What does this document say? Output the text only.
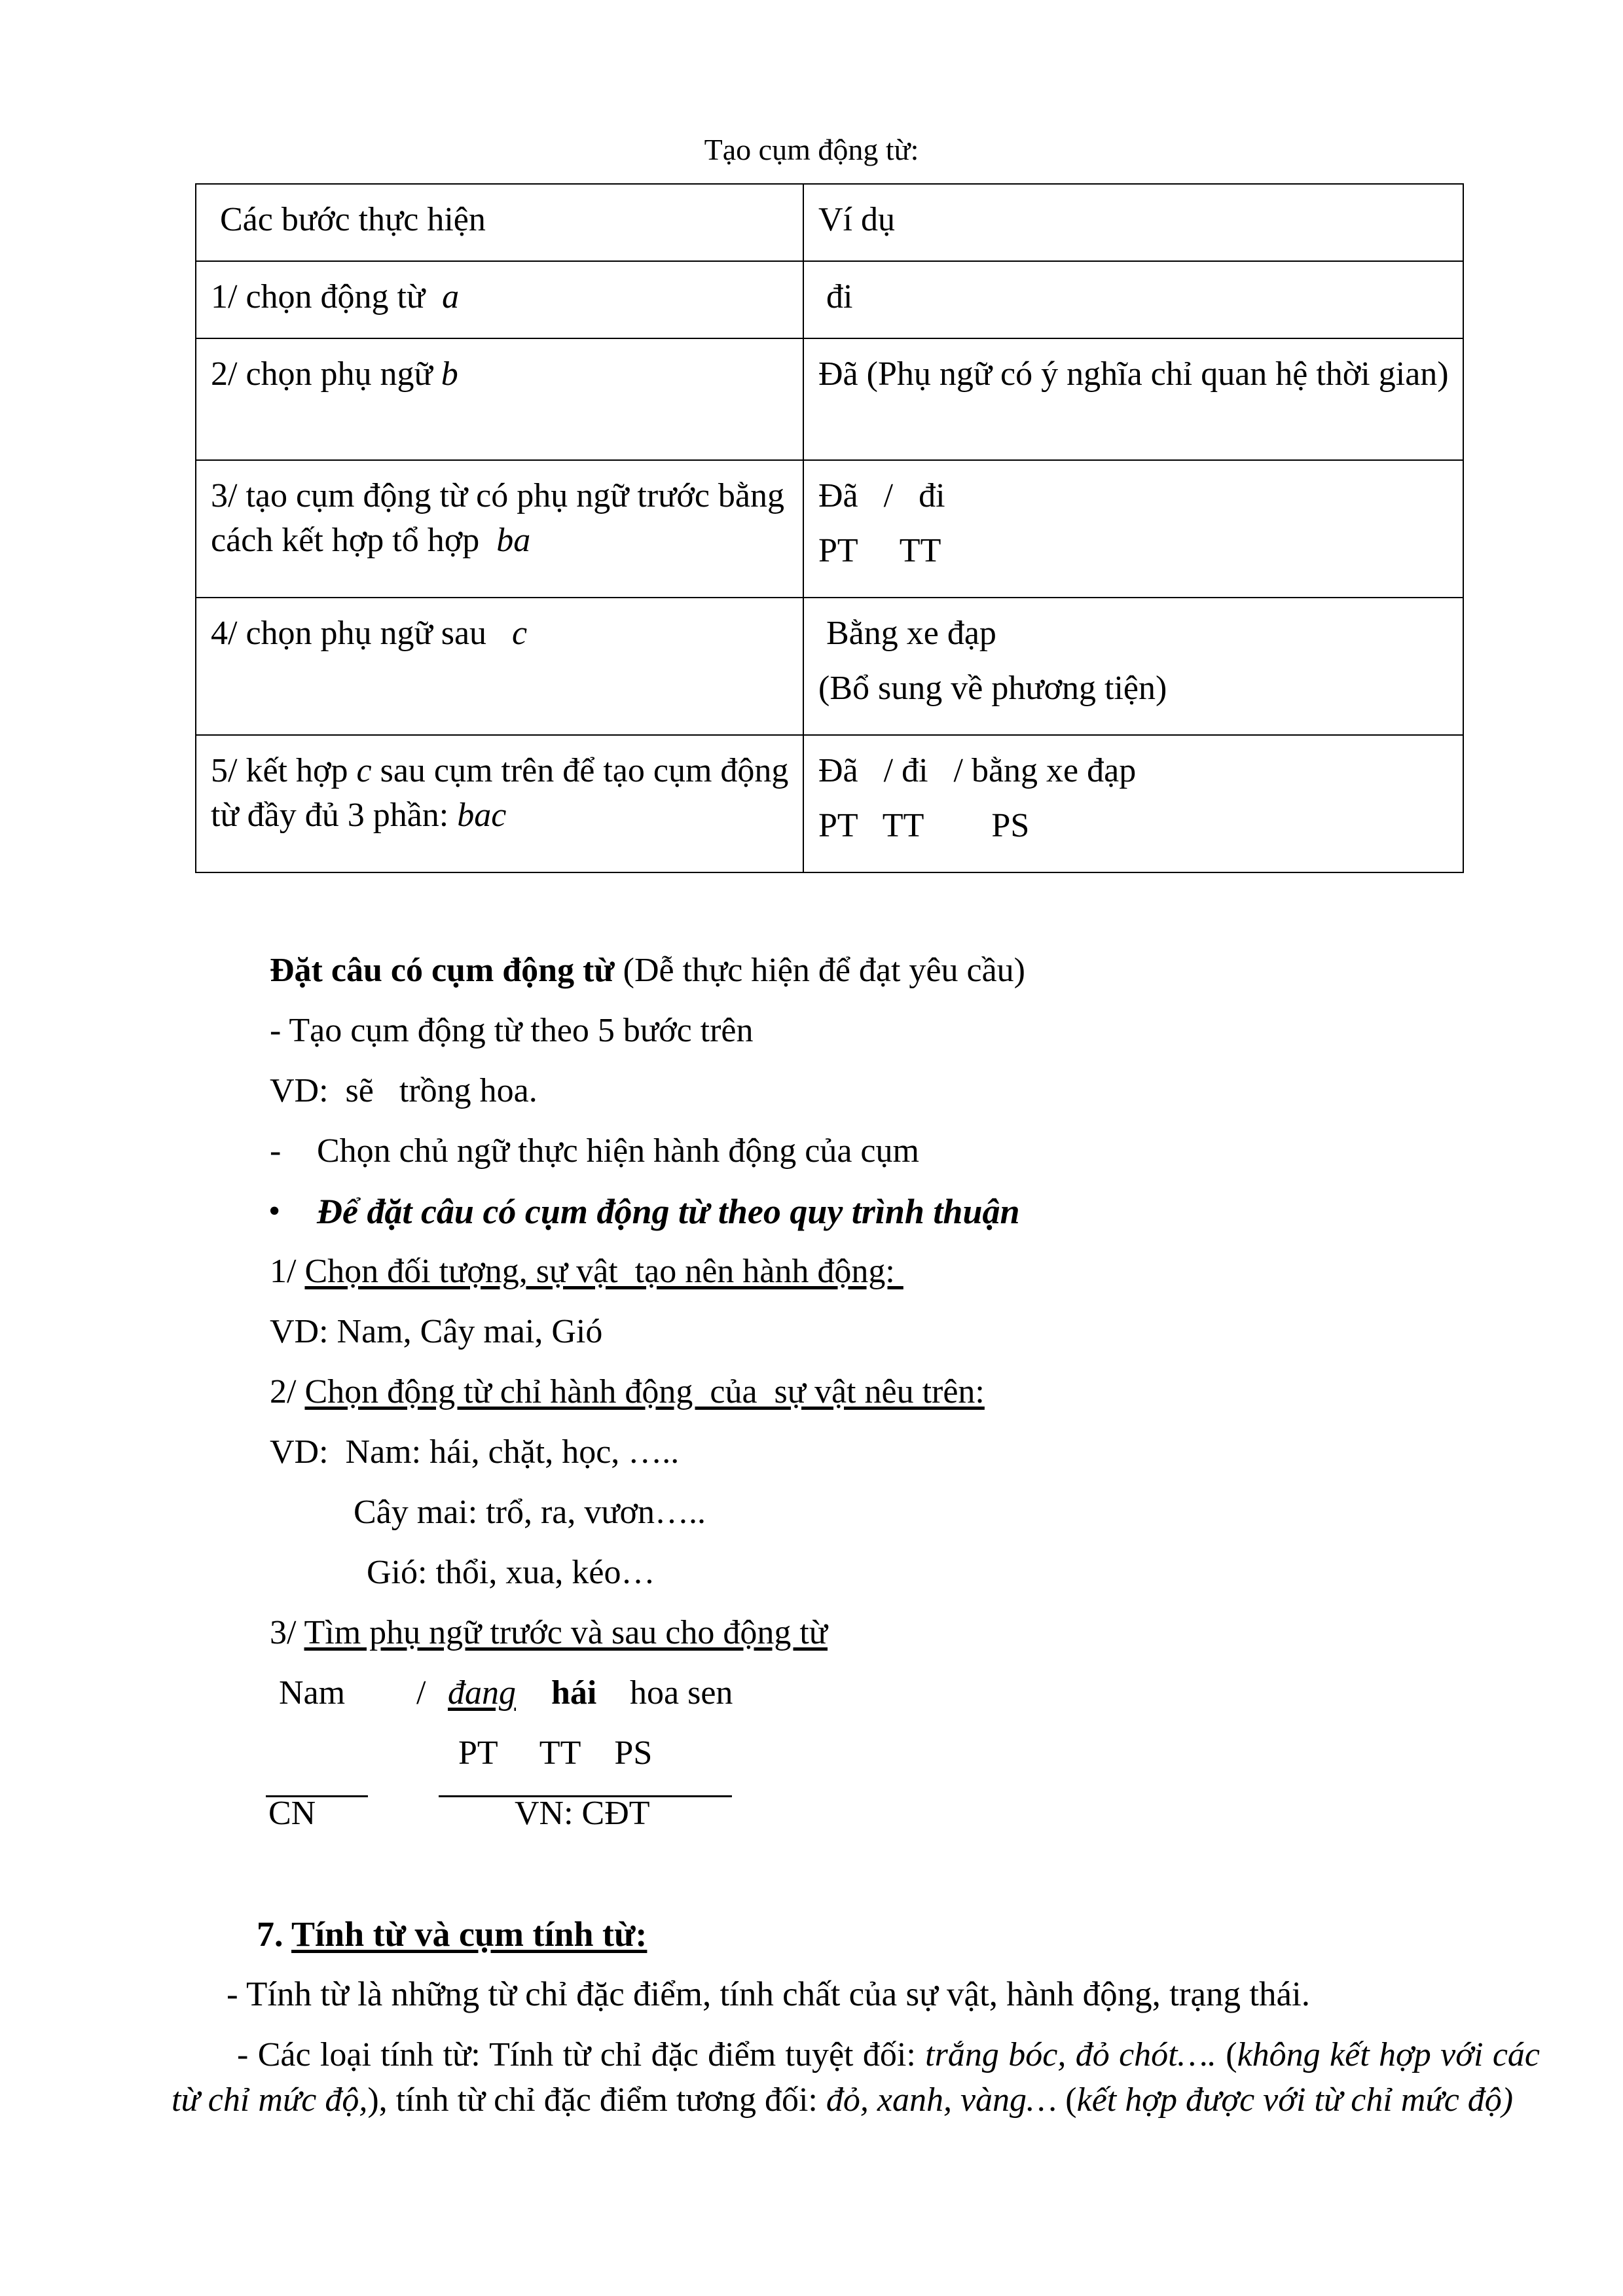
Tạo cụm động từ:
Các bước thực hiện	Ví dụ
1/ chọn động từ a	đi
2/ chọn phụ ngữ b	Đã (Phụ ngữ có ý nghĩa chỉ quan hệ thời gian)
3/ tạo cụm động từ có phụ ngữ trước bằng cách kết hợp tổ hợp ba	Đã   /   đi
PT     TT

4/ chọn phụ ngữ sau c	Bằng xe đạp
(Bổ sung về phương tiện)

5/ kết hợp c sau cụm trên để tạo cụm động từ đầy đủ 3 phần: bac	Đã   / đi   / bằng xe đạp
PT   TT        PS
Đặt câu có cụm động từ (Dễ thực hiện để đạt yêu cầu)
- Tạo cụm động từ theo 5 bước trên
VD:  sẽ   trồng hoa.
- Chọn chủ ngữ thực hiện hành động của cụm
• Để đặt câu có cụm động từ theo quy trình thuận
1/ Chọn đối tượng, sự vật  tạo nên hành động:
VD: Nam, Cây mai, Gió
2/ Chọn động từ chỉ hành động  của  sự vật nêu trên:
VD:  Nam: hái, chặt, học, …..
Cây mai: trổ, ra, vươn…..
Gió: thổi, xua, kéo…
3/ Tìm phụ ngữ trước và sau cho động từ
Nam / đang hái hoa sen
PT     TT    PS
CN	VN: CĐT
7. Tính từ và cụm tính từ:
- Tính từ là những từ chỉ đặc điểm, tính chất của sự vật, hành động, trạng thái.
- Các loại tính từ: Tính từ chỉ đặc điểm tuyệt đối: trắng bóc, đỏ chót…. (không kết hợp với các từ chỉ mức độ,), tính từ chỉ đặc điểm tương đối: đỏ, xanh, vàng… (kết hợp được với từ chỉ mức độ)
